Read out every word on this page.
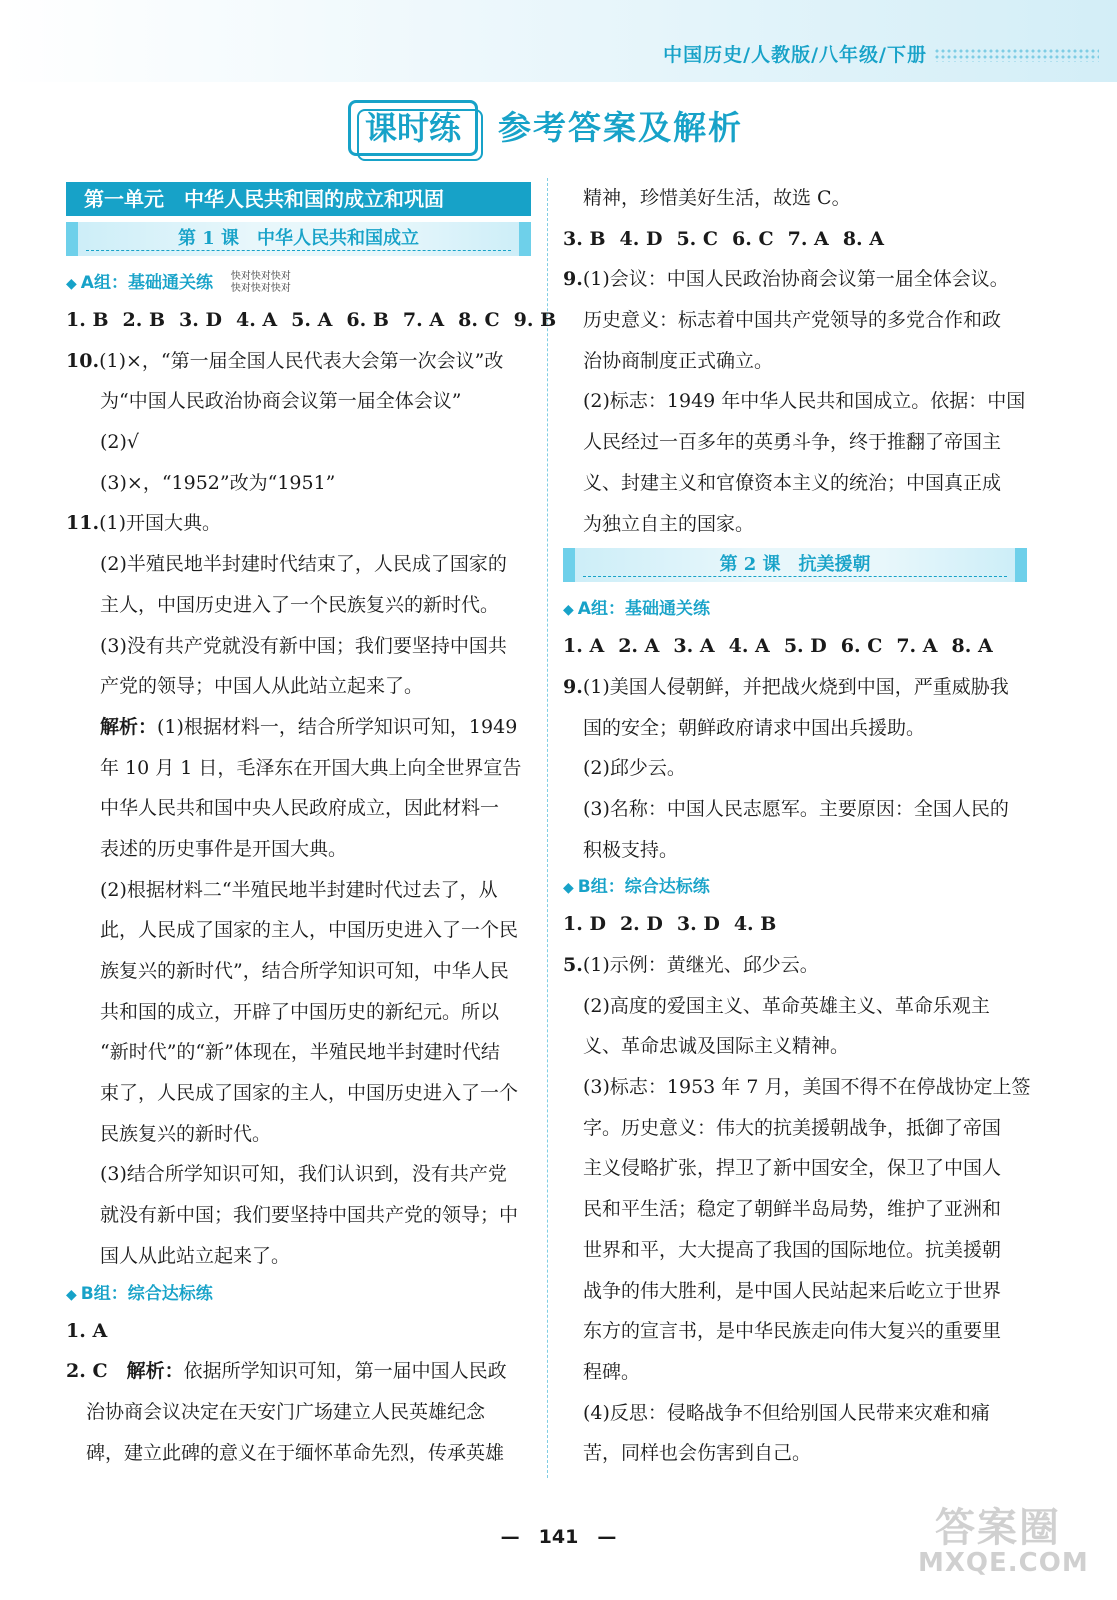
中国历史/人教版/八年级/下册
课时练	参考答案及解析
第一单元　中华人民共和国的成立和巩固
第 1 课　中华人民共和国成立
◆ A组：基础通关练 快对快对快对
快对快对快对
1. B 2. B 3. D 4. A 5. A 6. B 7. A 8. C 9. B
10.(1)×，“第一届全国人民代表大会第一次会议”改
为“中国人民政治协商会议第一届全体会议”
(2)√
(3)×，“1952”改为“1951”
11.(1)开国大典。
(2)半殖民地半封建时代结束了，人民成了国家的
主人，中国历史进入了一个民族复兴的新时代。
(3)没有共产党就没有新中国；我们要坚持中国共
产党的领导；中国人从此站立起来了。
解析：(1)根据材料一，结合所学知识可知，1949
年 10 月 1 日，毛泽东在开国大典上向全世界宣告
中华人民共和国中央人民政府成立，因此材料一
表述的历史事件是开国大典。
(2)根据材料二“半殖民地半封建时代过去了，从
此，人民成了国家的主人，中国历史进入了一个民
族复兴的新时代”，结合所学知识可知，中华人民
共和国的成立，开辟了中国历史的新纪元。所以
“新时代”的“新”体现在，半殖民地半封建时代结
束了，人民成了国家的主人，中国历史进入了一个
民族复兴的新时代。
(3)结合所学知识可知，我们认识到，没有共产党
就没有新中国；我们要坚持中国共产党的领导；中
国人从此站立起来了。
◆ B组：综合达标练
1. A
2. C　 解析：依据所学知识可知，第一届中国人民政
治协商会议决定在天安门广场建立人民英雄纪念
碑，建立此碑的意义在于缅怀革命先烈，传承英雄
精神，珍惜美好生活，故选 C。
3. B 4. D 5. C 6. C 7. A 8. A
9.(1)会议：中国人民政治协商会议第一届全体会议。
历史意义：标志着中国共产党领导的多党合作和政
治协商制度正式确立。
(2)标志：1949 年中华人民共和国成立。依据：中国
人民经过一百多年的英勇斗争，终于推翻了帝国主
义、封建主义和官僚资本主义的统治；中国真正成
为独立自主的国家。
第 2 课　抗美援朝
◆ A组：基础通关练
1. A 2. A 3. A 4. A 5. D 6. C 7. A 8. A
9.(1)美国人侵朝鲜，并把战火烧到中国，严重威胁我
国的安全；朝鲜政府请求中国出兵援助。
(2)邱少云。
(3)名称：中国人民志愿军。主要原因：全国人民的
积极支持。
◆ B组：综合达标练
1. D 2. D 3. D 4. B
5.(1)示例：黄继光、邱少云。
(2)高度的爱国主义、革命英雄主义、革命乐观主
义、革命忠诚及国际主义精神。
(3)标志：1953 年 7 月，美国不得不在停战协定上签
字。历史意义：伟大的抗美援朝战争，抵御了帝国
主义侵略扩张，捍卫了新中国安全，保卫了中国人
民和平生活；稳定了朝鲜半岛局势，维护了亚洲和
世界和平，大大提高了我国的国际地位。抗美援朝
战争的伟大胜利，是中国人民站起来后屹立于世界
东方的宣言书，是中华民族走向伟大复兴的重要里
程碑。
(4)反思：侵略战争不但给别国人民带来灾难和痛
苦，同样也会伤害到自己。
—　141　—	答案圈
MXQE.COM
